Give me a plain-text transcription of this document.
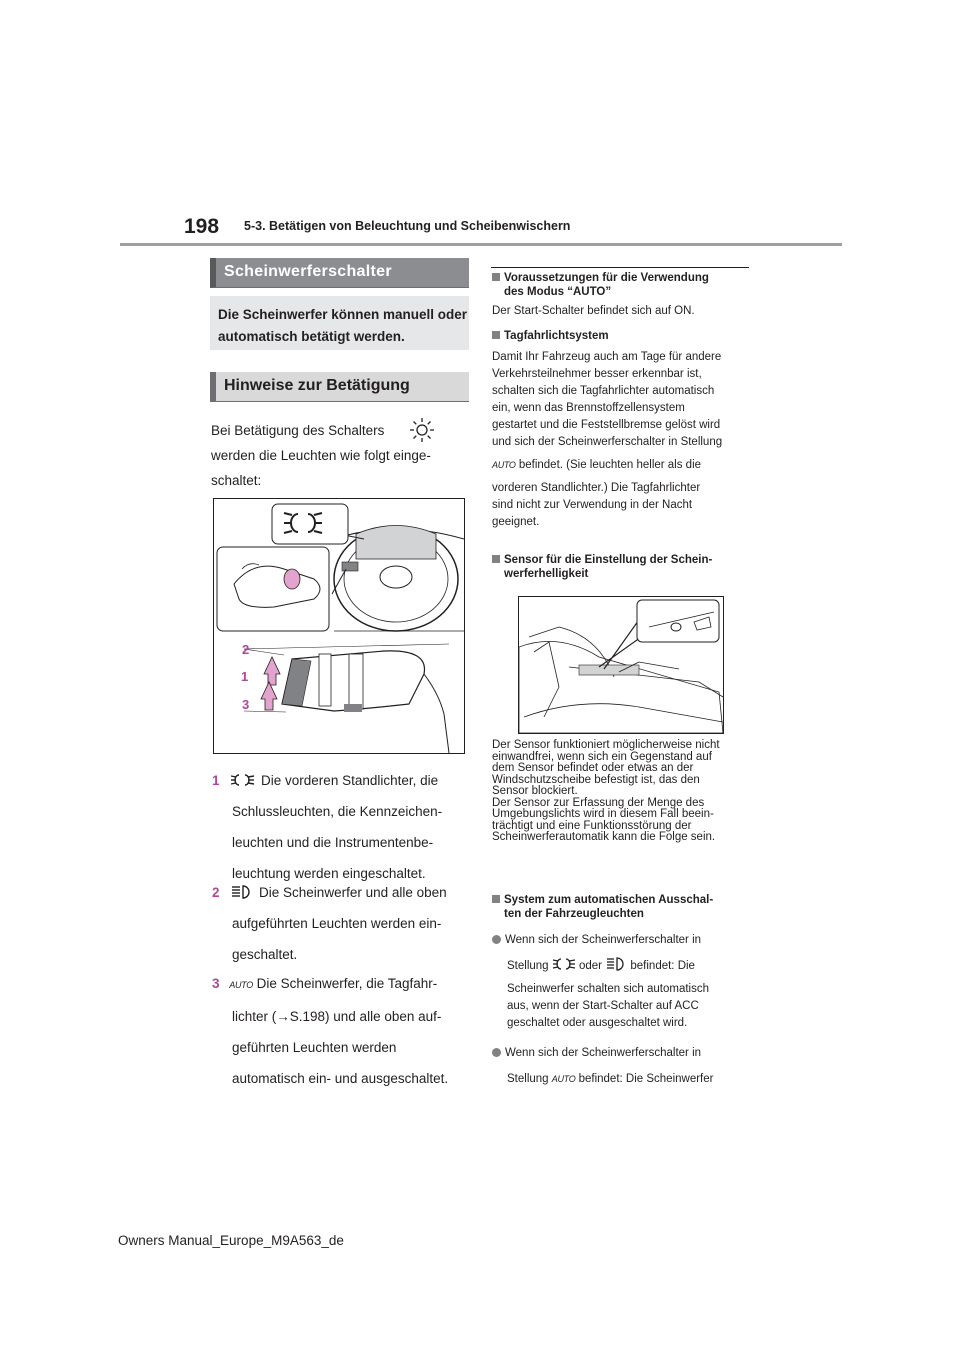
198 5-3. Betätigen von Beleuchtung und Scheibenwischern
Scheinwerferschalter
Die Scheinwerfer können manuell oder automatisch betätigt werden.
Hinweise zur Betätigung
Bei Betätigung des Schalters
werden die Leuchten wie folgt einge-
schaltet:
2
1
3
1	Die vorderen Standlichter, die
Schlussleuchten, die Kennzeichen-
leuchten und die Instrumentenbe-
leuchtung werden eingeschaltet.
2	Die Scheinwerfer und alle oben
aufgeführten Leuchten werden ein-
geschaltet.
3 AUTO Die Scheinwerfer, die Tagfahr-
lichter (→S.198) und alle oben auf-
geführten Leuchten werden
automatisch ein- und ausgeschaltet.
Voraussetzungen für die Verwendung
des Modus “AUTO”
Der Start-Schalter befindet sich auf ON.
Tagfahrlichtsystem
Damit Ihr Fahrzeug auch am Tage für andere
Verkehrsteilnehmer besser erkennbar ist,
schalten sich die Tagfahrlichter automatisch
ein, wenn das Brennstoffzellensystem
gestartet und die Feststellbremse gelöst wird
und sich der Scheinwerferschalter in Stellung
AUTO befindet. (Sie leuchten heller als die
vorderen Standlichter.) Die Tagfahrlichter
sind nicht zur Verwendung in der Nacht
geeignet.
Sensor für die Einstellung der Schein-
werferhelligkeit
Der Sensor funktioniert möglicherweise nicht
einwandfrei, wenn sich ein Gegenstand auf
dem Sensor befindet oder etwas an der
Windschutzscheibe befestigt ist, das den
Sensor blockiert.
Der Sensor zur Erfassung der Menge des
Umgebungslichts wird in diesem Fall beein-
trächtigt und eine Funktionsstörung der
Scheinwerferautomatik kann die Folge sein.
System zum automatischen Ausschal-
ten der Fahrzeugleuchten
Wenn sich der Scheinwerferschalter in
Stellung  oder  befindet: Die
Scheinwerfer schalten sich automatisch
aus, wenn der Start-Schalter auf ACC
geschaltet oder ausgeschaltet wird.
Wenn sich der Scheinwerferschalter in
Stellung AUTO befindet: Die Scheinwerfer
Owners Manual_Europe_M9A563_de
